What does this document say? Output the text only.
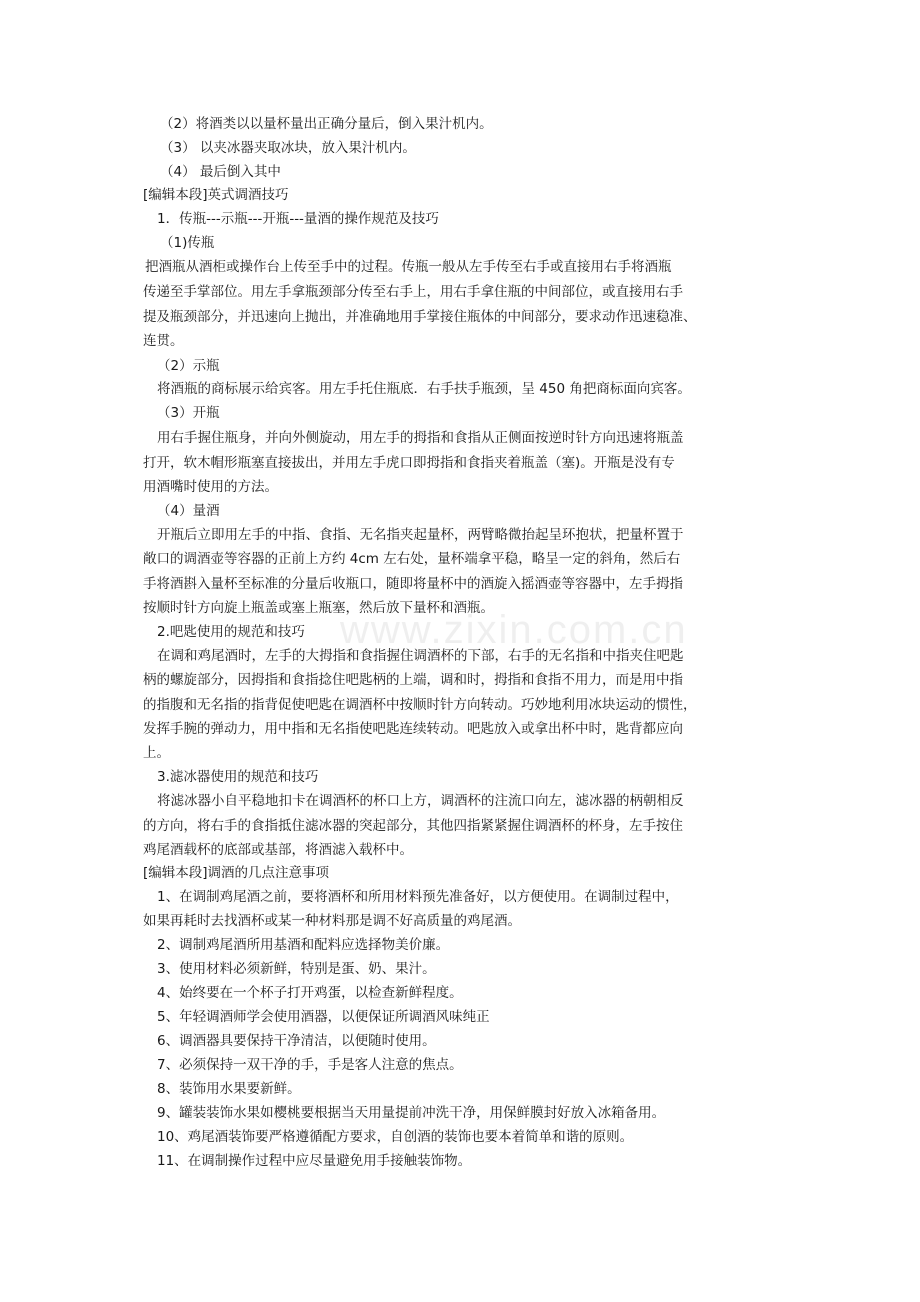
www.zixin.com.cn
（2）将酒类以以量杯量出正确分量后，倒入果汁机内。
（3） 以夹冰器夹取冰块，放入果汁机内。
（4） 最后倒入其中
[编辑本段]英式调酒技巧
1．传瓶---示瓶---开瓶---量酒的操作规范及技巧
（1)传瓶
把酒瓶从酒柜或操作台上传至手中的过程。传瓶一般从左手传至右手或直接用右手将酒瓶
传递至手掌部位。用左手拿瓶颈部分传至右手上，用右手拿住瓶的中间部位，或直接用右手
提及瓶颈部分，并迅速向上抛出，并准确地用手掌接住瓶体的中间部分，要求动作迅速稳准、
连贯。
（2）示瓶
将酒瓶的商标展示给宾客。用左手托住瓶底．右手扶手瓶颈，呈 450 角把商标面向宾客。
（3）开瓶
用右手握住瓶身，并向外侧旋动，用左手的拇指和食指从正侧面按逆时针方向迅速将瓶盖
打开，软木帽形瓶塞直接拔出，并用左手虎口即拇指和食指夹着瓶盖（塞)。开瓶是没有专
用酒嘴时使用的方法。
（4）量酒
开瓶后立即用左手的中指、食指、无名指夹起量杯，两臂略微抬起呈环抱状，把量杯置于
敞口的调酒壶等容器的正前上方约 4cm 左右处，量杯端拿平稳，略呈一定的斜角，然后右
手将酒斟入量杯至标准的分量后收瓶口，随即将量杯中的酒旋入摇酒壶等容器中，左手拇指
按顺时针方向旋上瓶盖或塞上瓶塞，然后放下量杯和酒瓶。
2.吧匙使用的规范和技巧
在调和鸡尾酒时，左手的大拇指和食指握住调酒杯的下部，右手的无名指和中指夹住吧匙
柄的螺旋部分，因拇指和食指捻住吧匙柄的上端，调和时，拇指和食指不用力，而是用中指
的指腹和无名指的指背促使吧匙在调酒杯中按顺时针方向转动。巧妙地利用冰块运动的惯性，
发挥手腕的弹动力，用中指和无名指使吧匙连续转动。吧匙放入或拿出杯中时，匙背都应向
上。
3.滤冰器使用的规范和技巧
将滤冰器小自平稳地扣卡在调酒杯的杯口上方，调酒杯的注流口向左，滤冰器的柄朝相反
的方向，将右手的食指抵住滤冰器的突起部分，其他四指紧紧握住调酒杯的杯身，左手按住
鸡尾酒载杯的底部或基部，将酒滤入载杯中。
[编辑本段]调酒的几点注意事项
1、在调制鸡尾酒之前，要将酒杯和所用材料预先准备好，以方便使用。在调制过程中，
如果再耗时去找酒杯或某一种材料那是调不好高质量的鸡尾酒。
2、调制鸡尾酒所用基酒和配料应选择物美价廉。
3、使用材料必须新鲜，特别是蛋、奶、果汁。
4、始终要在一个杯子打开鸡蛋，以检查新鲜程度。
5、年轻调酒师学会使用酒器，以便保证所调酒风味纯正
6、调酒器具要保持干净清洁，以便随时使用。
7、必须保持一双干净的手，手是客人注意的焦点。
8、装饰用水果要新鲜。
9、罐装装饰水果如樱桃要根据当天用量提前冲洗干净，用保鲜膜封好放入冰箱备用。
10、鸡尾酒装饰要严格遵循配方要求，自创酒的装饰也要本着简单和谐的原则。
11、在调制操作过程中应尽量避免用手接触装饰物。
